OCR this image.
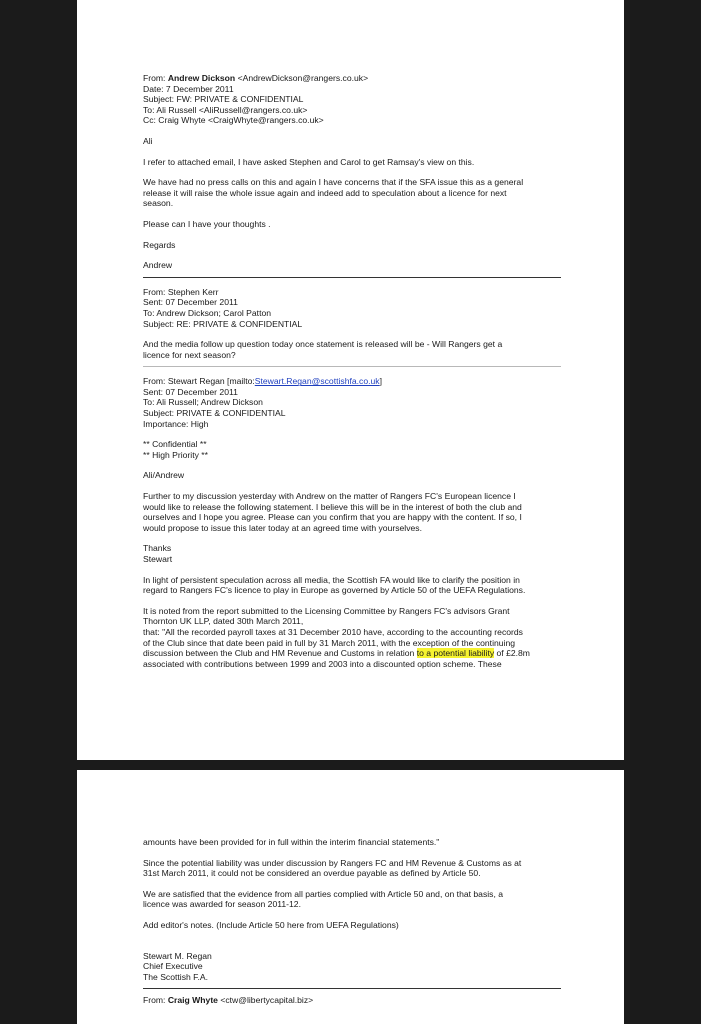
From: Andrew Dickson <AndrewDickson@rangers.co.uk>
Date: 7 December 2011
Subject: FW: PRIVATE & CONFIDENTIAL
To: Ali Russell <AliRussell@rangers.co.uk>
Cc: Craig Whyte <CraigWhyte@rangers.co.uk>
Ali
I refer to attached email, I have asked Stephen and Carol to get Ramsay's view on this.
We have had no press calls on this and again I have concerns that if the SFA issue this as a general
release it will raise the whole issue again and indeed add to speculation about a licence for next
season.
Please can I have your thoughts .
Regards
Andrew
From: Stephen Kerr
Sent: 07 December 2011
To: Andrew Dickson; Carol Patton
Subject: RE: PRIVATE & CONFIDENTIAL
And the media follow up question today once statement is released will be - Will Rangers get a
licence for next season?
From: Stewart Regan [mailto:Stewart.Regan@scottishfa.co.uk]
Sent: 07 December 2011
To: Ali Russell; Andrew Dickson
Subject: PRIVATE & CONFIDENTIAL
Importance: High
** Confidential **
** High Priority **
Ali/Andrew
Further to my discussion yesterday with Andrew on the matter of Rangers FC's European licence I
would like to release the following statement. I believe this will be in the interest of both the club and
ourselves and I hope you agree. Please can you confirm that you are happy with the content. If so, I
would propose to issue this later today at an agreed time with yourselves.
Thanks
Stewart
In light of persistent speculation across all media, the Scottish FA would like to clarify the position in
regard to Rangers FC's licence to play in Europe as governed by Article 50 of the UEFA Regulations.
It is noted from the report submitted to the Licensing Committee by Rangers FC's advisors Grant
Thornton UK LLP, dated 30th March 2011,
that: "All the recorded payroll taxes at 31 December 2010 have, according to the accounting records
of the Club since that date been paid in full by 31 March 2011, with the exception of the continuing
discussion between the Club and HM Revenue and Customs in relation to a potential liability of £2.8m
associated with contributions between 1999 and 2003 into a discounted option scheme. These
amounts have been provided for in full within the interim financial statements."
Since the potential liability was under discussion by Rangers FC and HM Revenue & Customs as at
31st March 2011, it could not be considered an overdue payable as defined by Article 50.
We are satisfied that the evidence from all parties complied with Article 50 and, on that basis, a
licence was awarded for season 2011-12.
Add editor's notes. (Include Article 50 here from UEFA Regulations)
Stewart M. Regan
Chief Executive
The Scottish F.A.
From: Craig Whyte <ctw@libertycapital.biz>
